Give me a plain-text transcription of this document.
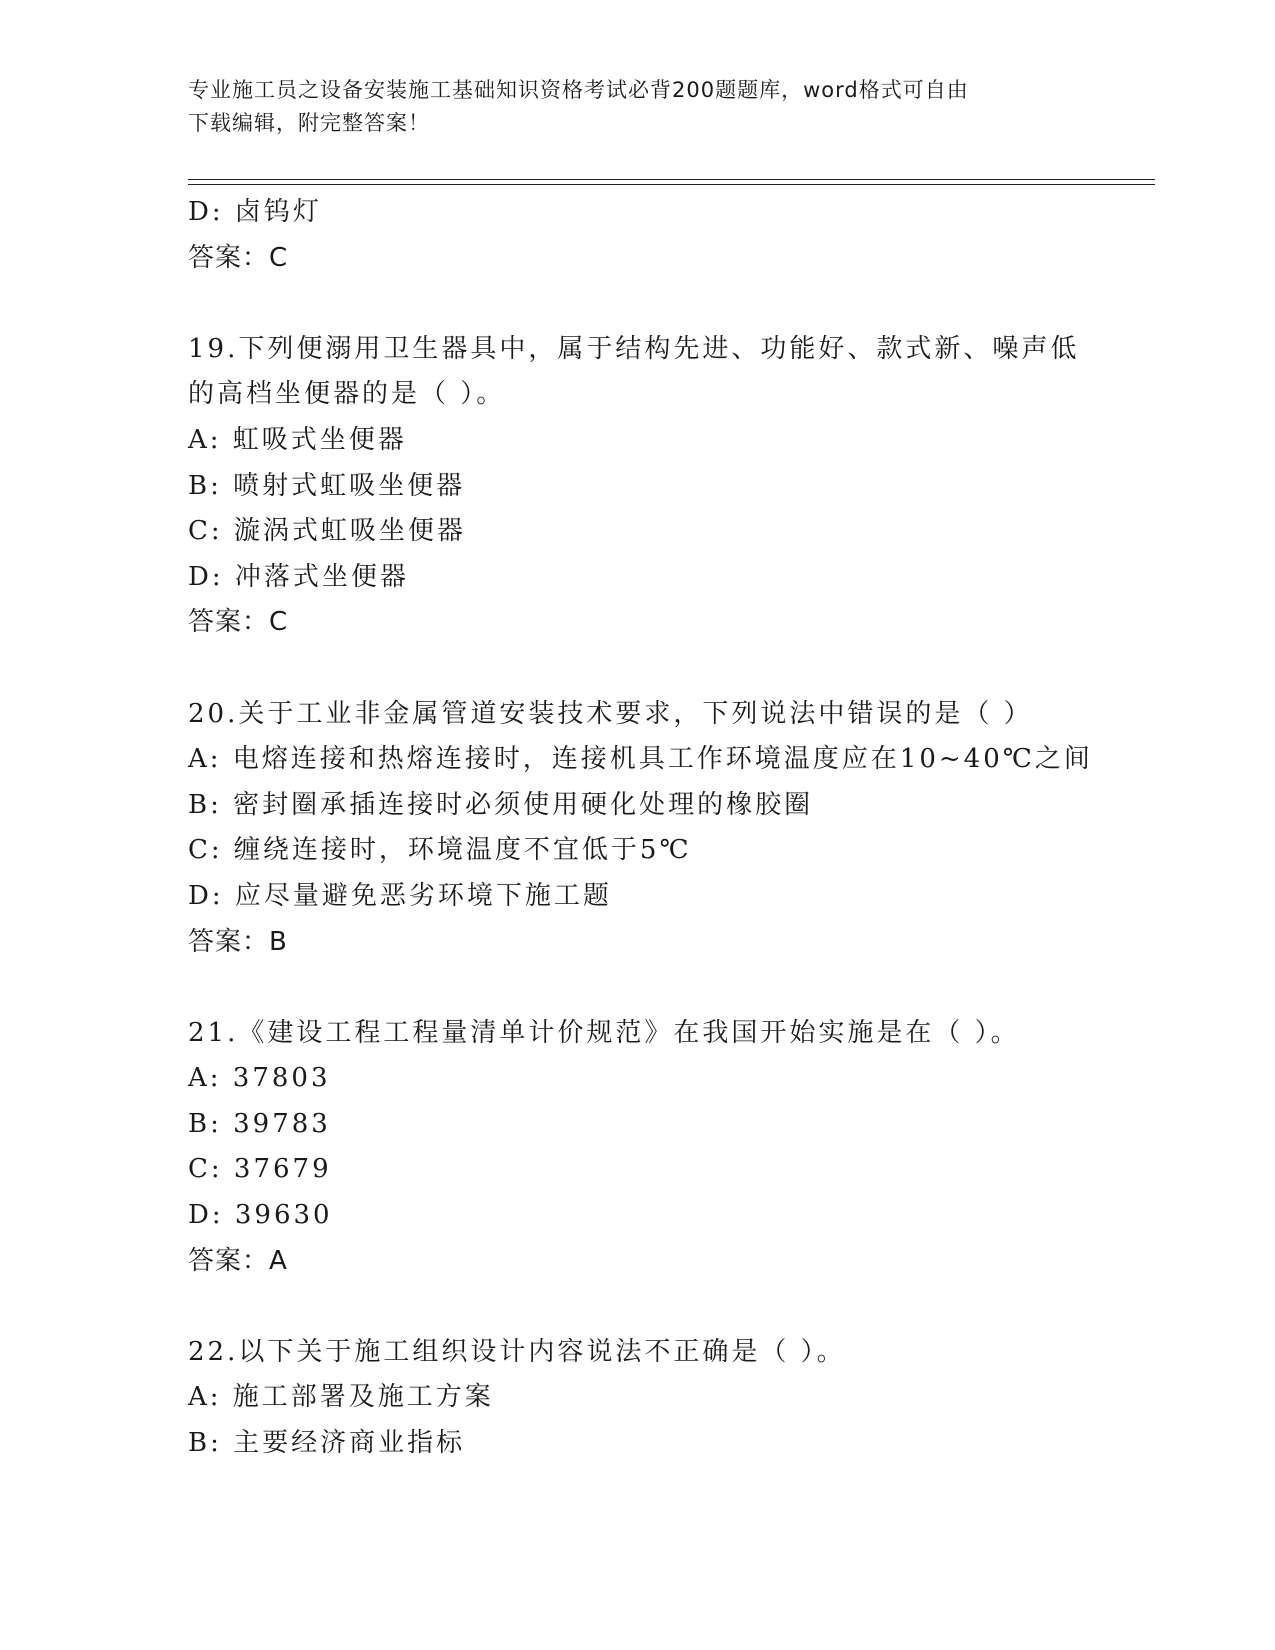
专业施工员之设备安装施工基础知识资格考试必背200题题库，word格式可自由
下载编辑，附完整答案！
D: 卤钨灯
答案：C
19.下列便溺用卫生器具中，属于结构先进、功能好、款式新、噪声低
的高档坐便器的是（ ）。
A: 虹吸式坐便器
B: 喷射式虹吸坐便器
C: 漩涡式虹吸坐便器
D: 冲落式坐便器
答案：C
20.关于工业非金属管道安装技术要求，下列说法中错误的是（ ）
A: 电熔连接和热熔连接时，连接机具工作环境温度应在10~40℃之间
B: 密封圈承插连接时必须使用硬化处理的橡胶圈
C: 缠绕连接时，环境温度不宜低于5℃
D: 应尽量避免恶劣环境下施工题
答案：B
21.《建设工程工程量清单计价规范》在我国开始实施是在（ ）。
A: 37803
B: 39783
C: 37679
D: 39630
答案：A
22.以下关于施工组织设计内容说法不正确是（ ）。
A: 施工部署及施工方案
B: 主要经济商业指标
